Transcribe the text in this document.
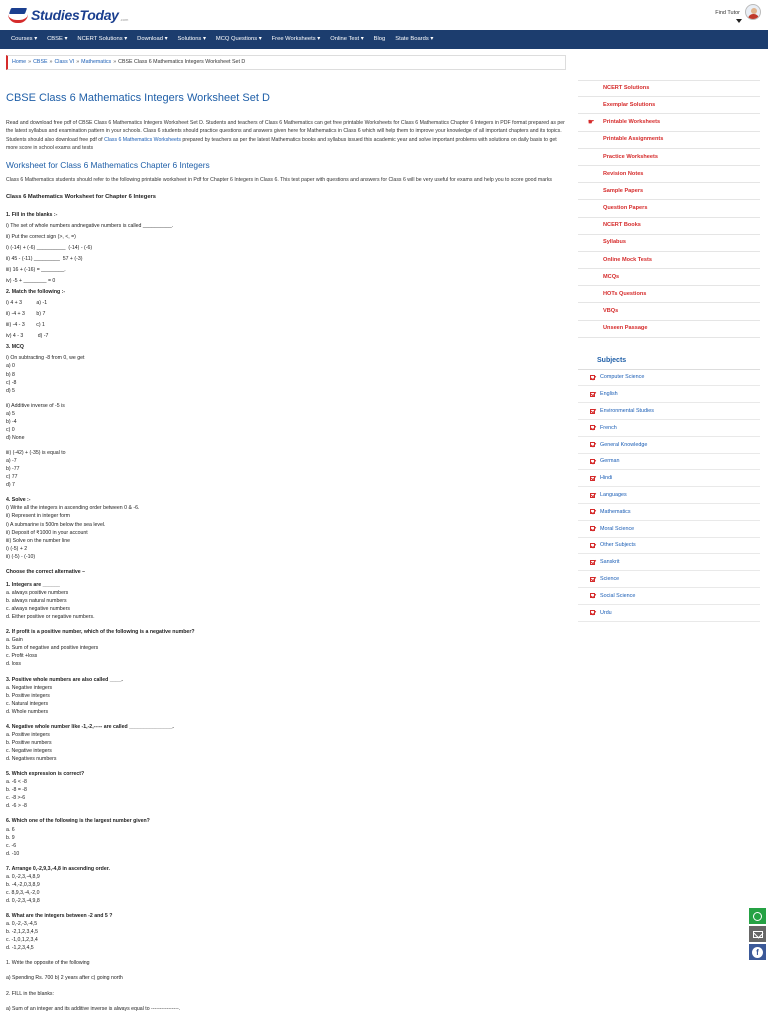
StudiesToday .com
Find Tutor
Courses ▾	CBSE ▾	NCERT Solutions ▾	Download ▾	Solutions ▾	MCQ Questions ▾	Free Worksheets ▾	Online Test ▾	Blog	State Boards ▾
Home » CBSE » Class VI » Mathematics » CBSE Class 6 Mathematics Integers Worksheet Set D
CBSE Class 6 Mathematics Integers Worksheet Set D
Read and download free pdf of CBSE Class 6 Mathematics Integers Worksheet Set D. Students and teachers of Class 6 Mathematics can get free printable Worksheets for Class 6 Mathematics Chapter 6 Integers in PDF format prepared as per the latest syllabus and examination pattern in your schools. Class 6 students should practice questions and answers given here for Mathematics in Class 6 which will help them to improve your knowledge of all important chapters and its topics. Students should also download free pdf of Class 6 Mathematics Worksheets prepared by teachers as per the latest Mathematics books and syllabus issued this academic year and solve important problems with solutions on daily basis to get more score in school exams and tests
Worksheet for Class 6 Mathematics Chapter 6 Integers
Class 6 Mathematics students should refer to the following printable worksheet in Pdf for Chapter 6 Integers in Class 6. This test paper with questions and answers for Class 6 will be very useful for exams and help you to score good marks
Class 6 Mathematics Worksheet for Chapter 6 Integers
1. Fill in the blanks :-
i) The set of whole numbers andnegative numbers is called __________.
ii) Put the correct sign (>, <, =)
i) (-14) + (-6) __________  (-14) - (-6)
ii) 45 - (-11) _________  57 + (-3)
iii) 16 + (-16) = ________.
iv) -5 + ________ = 0
2. Match the following :-
i) 4 + 3          a) -1
ii) -4 + 3        b) 7
iii) -4 - 3        c) 1
iv) 4 - 3          d) -7
3. MCQ
i) On subtracting -8 from 0, we get
a) 0
b) 8
c) -8
d) 5
ii) Additive inverse of -5 is
a) 5
b) -4
c) 0
d) None
iii) (-42) + (-35) is equal to
a) -7
b) -77
c) 77
d) 7
4. Solve :-
i) Write all the integers in ascending order between 0 & -6.
ii) Represent in integer form
i) A submarine is 500m below the sea level.
ii) Deposit of ₹1000 in your account
iii) Solve on the number line
i) (-5) + 2
ii) (-5) - (-10)
Choose the correct alternative –
1. Integers are ______
a. always positive numbers
b. always natural numbers
c. always negative numbers
d. Either positive or negative numbers.
2. If profit is a positive number, which of the following is a negative number?
a. Gain
b. Sum of negative and positive integers
c. Profit +loss
d. loss
3. Positive whole numbers are also called ____.
a. Negative integers
b. Positive integers
c. Natural integers
d. Whole numbers
4. Negative whole number like -1,-2,----- are called _______________.
a. Positive integers
b. Positive numbers
c. Negative integers
d. Negatives numbers
5. Which expression is correct?
a. -6 < -8
b. -8 = -8
c. -8 >-6
d. -6 > -8
6. Which one of the following is the largest number given?
a. 6
b. 9
c. -6
d. -10
7. Arrange 0,-2,9,3,-4,8 in ascending order.
a. 0,-2,3,-4,8,9
b. -4,-2,0,3,8,9
c. 8,9,3,-4,-2,0
d. 0,-2,3,-4,9,8
8. What are the integers between -2 and 5 ?
a. 0,-2,-3,-4,5
b. -2,1,2,3,4,5
c. -1,0,1,2,3,4
d. -1,2,3,4,5
1. Write the opposite of the following
a) Spending Rs. 700 b) 2 years after c) going north
2. FILL in the blanks:
a) Sum of an integer and its additive inverse is always equal to ----------------.
NCERT Solutions
Exemplar Solutions
☛ Printable Worksheets
Printable Assignments
Practice Worksheets
Revision Notes
Sample Papers
Question Papers
NCERT Books
Syllabus
Online Mock Tests
MCQs
HOTs Questions
VBQs
Unseen Passage
Subjects
Computer Science
English
Environmental Studies
French
General Knowledge
German
Hindi
Languages
Mathematics
Moral Science
Other Subjects
Sanskrit
Science
Social Science
Urdu
f
